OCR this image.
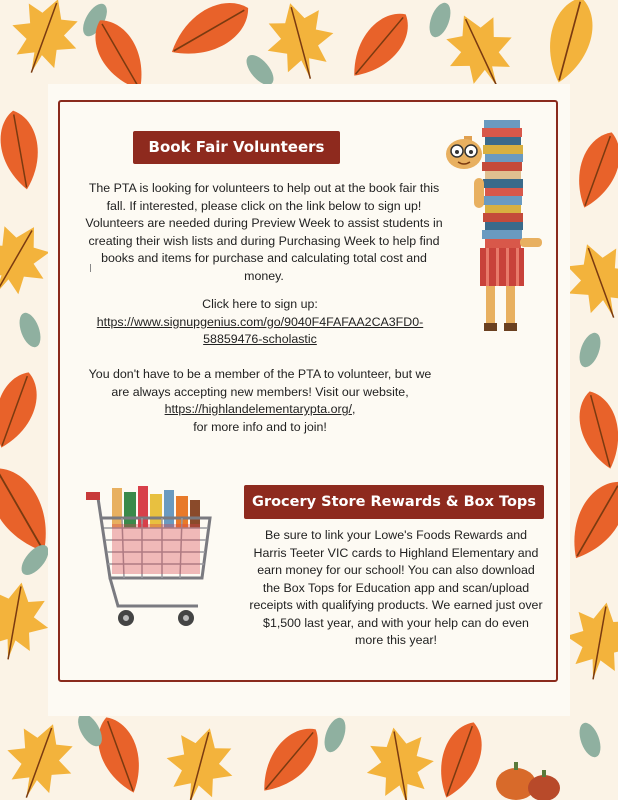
Book Fair Volunteers
The PTA is looking for volunteers to help out at the book fair this fall. If interested, please click on the link below to sign up! Volunteers are needed during Preview Week to assist students in creating their wish lists and during Purchasing Week to help find books and items for purchase and calculating total cost and money.
Click here to sign up:
https://www.signupgenius.com/go/9040F4FAFAA2CA3FD0-58859476-scholastic
You don't have to be a member of the PTA to volunteer, but we are always accepting new members! Visit our website,
https://highlandelementarypta.org/,
for more info and to join!
Grocery Store Rewards & Box Tops
Be sure to link your Lowe's Foods Rewards and Harris Teeter VIC cards to Highland Elementary and earn money for our school! You can also download the Box Tops for Education app and scan/upload receipts with qualifying products. We earned just over $1,500 last year, and with your help can do even more this year!
